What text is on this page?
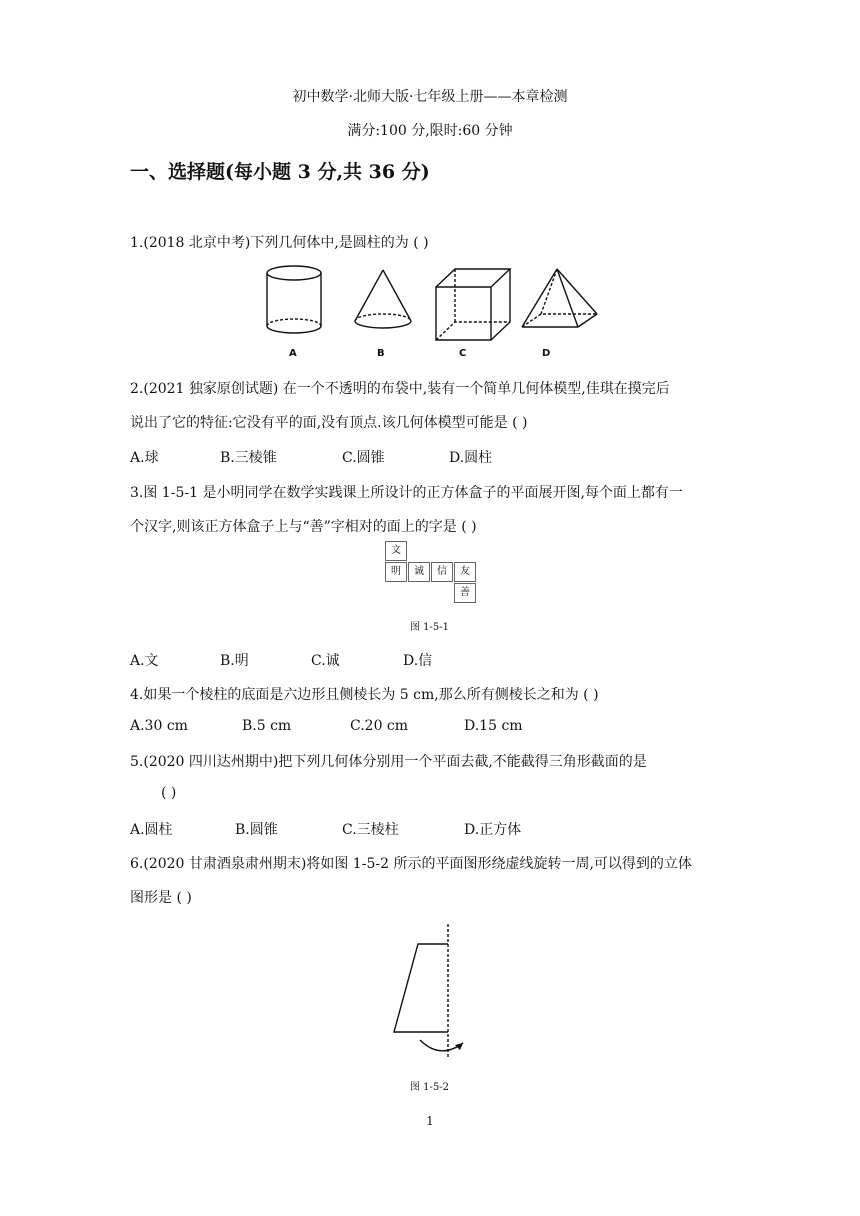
初中数学·北师大版·七年级上册——本章检测
满分:100 分,限时:60 分钟
一、选择题(每小题 3 分,共 36 分)
1.(2018 北京中考)下列几何体中,是圆柱的为 ( )
A	B	C	D
2.(2021 独家原创试题) 在一个不透明的布袋中,装有一个简单几何体模型,佳琪在摸完后
说出了它的特征:它没有平的面,没有顶点.该几何体模型可能是 ( )
A.球	B.三棱锥	C.圆锥	D.圆柱
3.图 1-5-1 是小明同学在数学实践课上所设计的正方体盒子的平面展开图,每个面上都有一
个汉字,则该正方体盒子上与“善”字相对的面上的字是 ( )
文
明	诚	信	友
善
图 1-5-1
A.文	B.明	C.诚	D.信
4.如果一个棱柱的底面是六边形且侧棱长为 5 cm,那么所有侧棱长之和为 ( )
A.30 cm	B.5 cm	C.20 cm	D.15 cm
5.(2020 四川达州期中)把下列几何体分别用一个平面去截,不能截得三角形截面的是
( )
A.圆柱	B.圆锥	C.三棱柱	D.正方体
6.(2020 甘肃酒泉肃州期末)将如图 1-5-2 所示的平面图形绕虚线旋转一周,可以得到的立体
图形是 ( )
图 1-5-2
1
